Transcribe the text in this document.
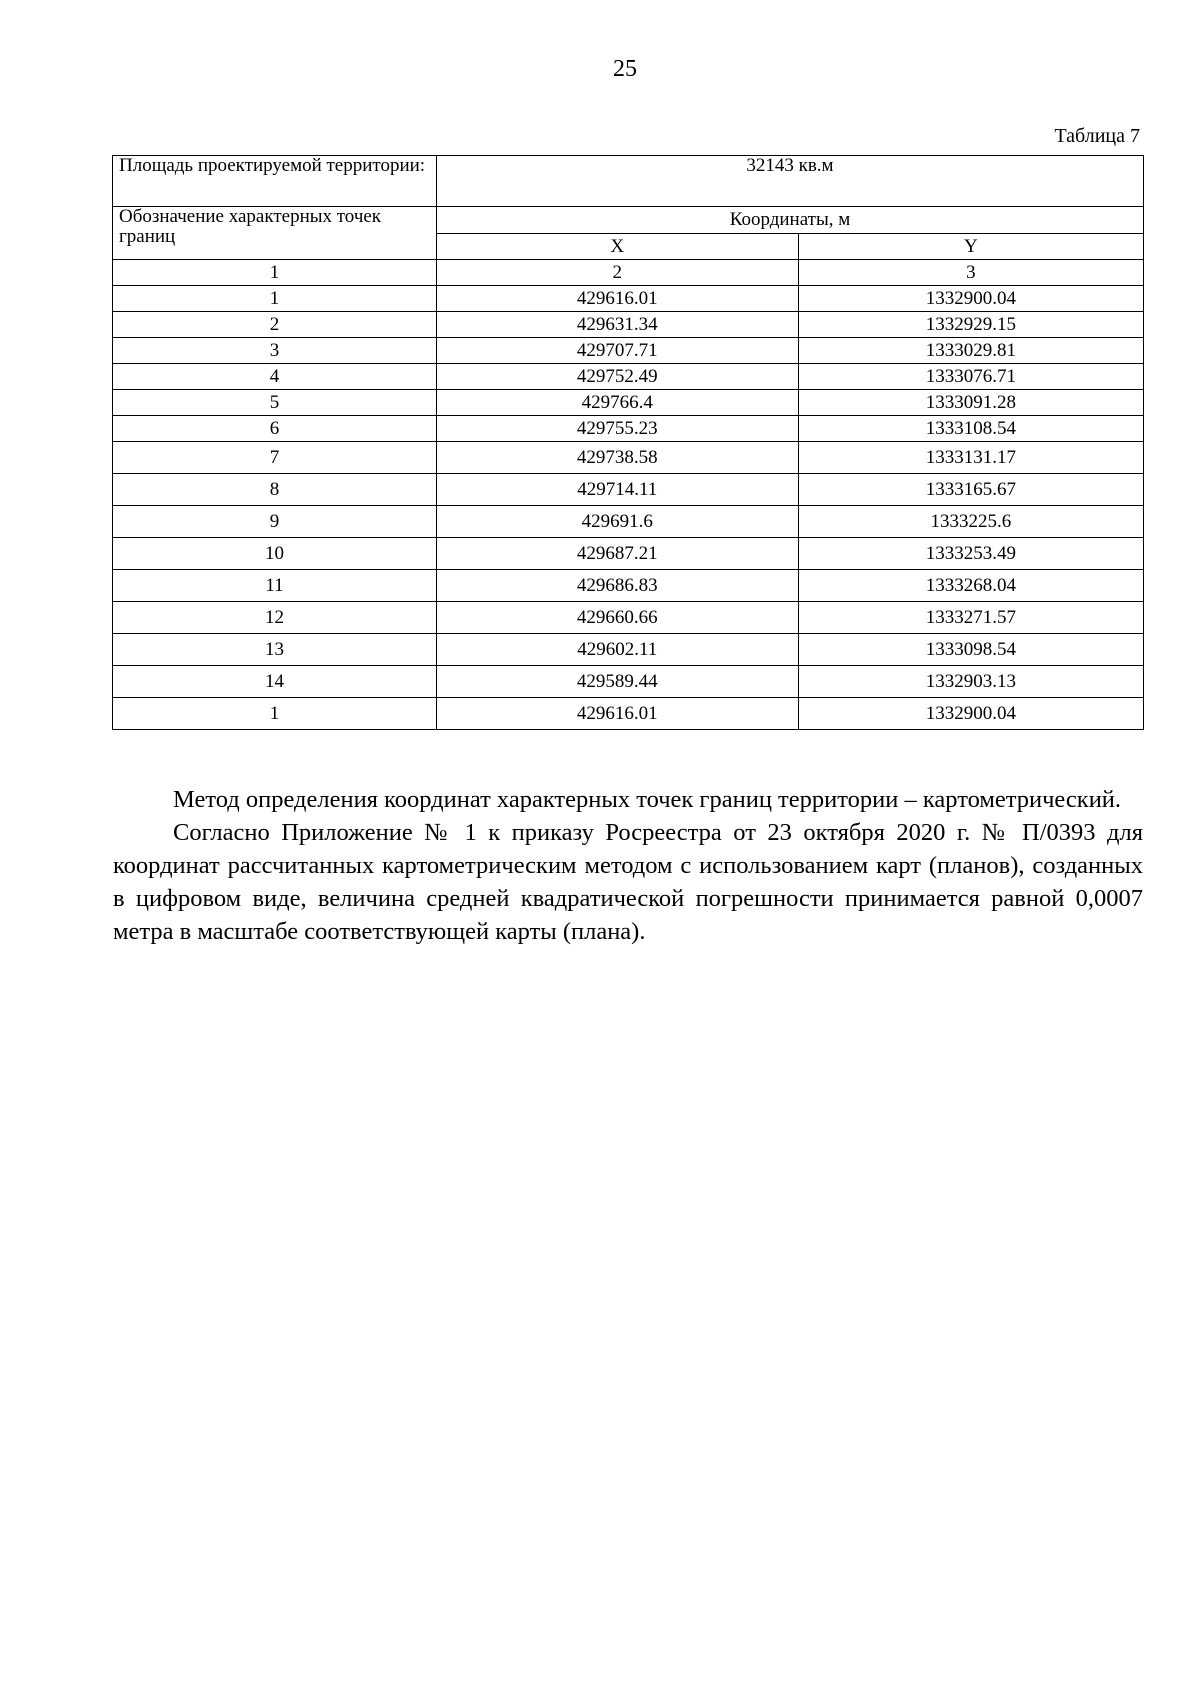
25
Таблица 7
Площадь проектируемой территории:	32143 кв.м	
Обозначение характерных точек границ	Координаты, м	
	X	Y
1	2	3
1	429616.01	1332900.04
2	429631.34	1332929.15
3	429707.71	1333029.81
4	429752.49	1333076.71
5	429766.4	1333091.28
6	429755.23	1333108.54
7	429738.58	1333131.17
8	429714.11	1333165.67
9	429691.6	1333225.6
10	429687.21	1333253.49
11	429686.83	1333268.04
12	429660.66	1333271.57
13	429602.11	1333098.54
14	429589.44	1332903.13
1	429616.01	1332900.04

Метод определения координат характерных точек границ территории – картометрический.

Согласно Приложение № 1 к приказу Росреестра от 23 октября 2020 г. № П/0393 для координат рассчитанных картометрическим методом с использованием карт (планов), созданных в цифровом виде, величина средней квадратической погрешности принимается равной 0,0007 метра в масштабе соответствующей карты (плана).
